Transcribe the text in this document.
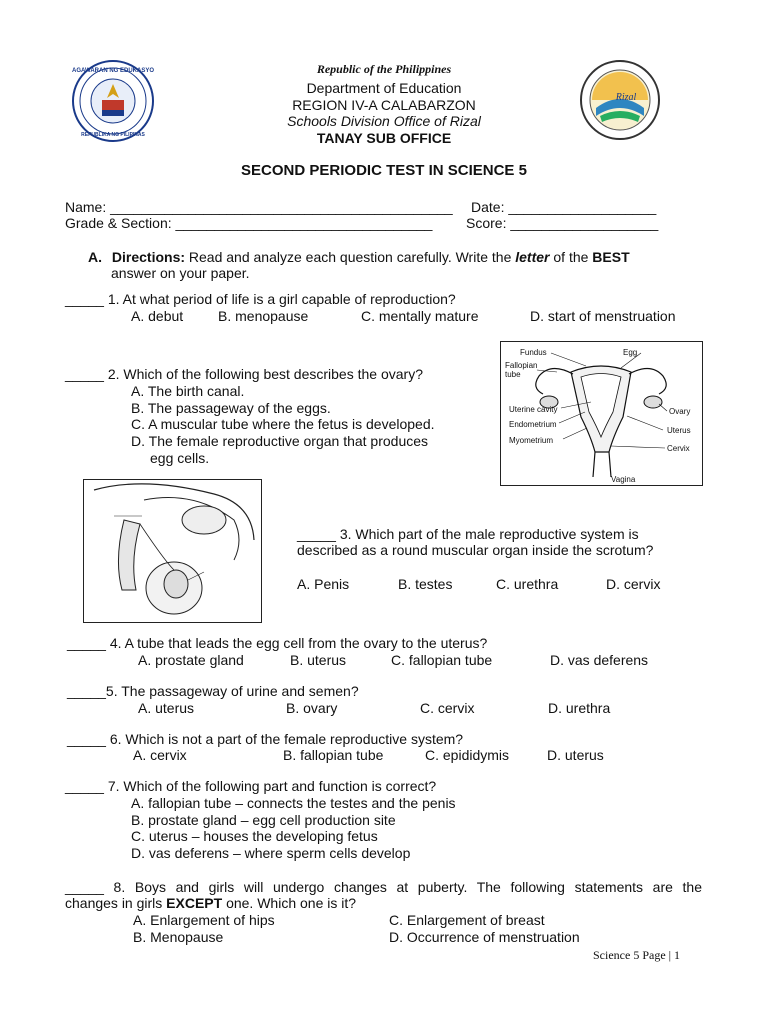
KAGAWARAN NG EDUKASYON
REPUBLIKA NG PILIPINAS
Rizal
Republic of the Philippines
Department of Education
REGION IV-A CALABARZON
Schools Division Office of Rizal
TANAY SUB OFFICE
SECOND PERIODIC TEST IN SCIENCE 5
Name: ____________________________________________ Date: ___________________
Grade & Section: _________________________________ Score: ___________________
A. Directions: Read and analyze each question carefully. Write the letter of the BEST
answer on your paper.
_____ 1. At what period of life is a girl capable of reproduction?
A. debut B. menopause	C. mentally mature	D. start of menstruation
Fundus	Egg
Fallopian
tube
Uterine cavity
Endometrium
Myometrium
Ovary
Uterus
Cervix
Vagina
_____ 2. Which of the following best describes the ovary?
A. The birth canal.
B. The passageway of the eggs.
C. A muscular tube where the fetus is developed.
D. The female reproductive organ that produces
egg cells.
_____ 3. Which part of the male reproductive system is
described as a round muscular organ inside the scrotum?
A. Penis	B. testes	C. urethra	D. cervix
_____ 4. A tube that leads the egg cell from the ovary to the uterus?
A. prostate gland	B. uterus	C. fallopian tube	D. vas deferens
_____5. The passageway of urine and semen?
A. uterus	B. ovary	C. cervix	D. urethra
_____ 6. Which is not a part of the female reproductive system?
A. cervix	B. fallopian tube	C. epididymis	D. uterus
_____ 7. Which of the following part and function is correct?
A. fallopian tube – connects the testes and the penis
B. prostate gland – egg cell production site
C. uterus – houses the developing fetus
D. vas deferens – where sperm cells develop
_____ 8. Boys and girls will undergo changes at puberty. The following statements are the
changes in girls EXCEPT one. Which one is it?
A. Enlargement of hips
B. Menopause
C. Enlargement of breast
D. Occurrence of menstruation
Science 5 Page | 1
